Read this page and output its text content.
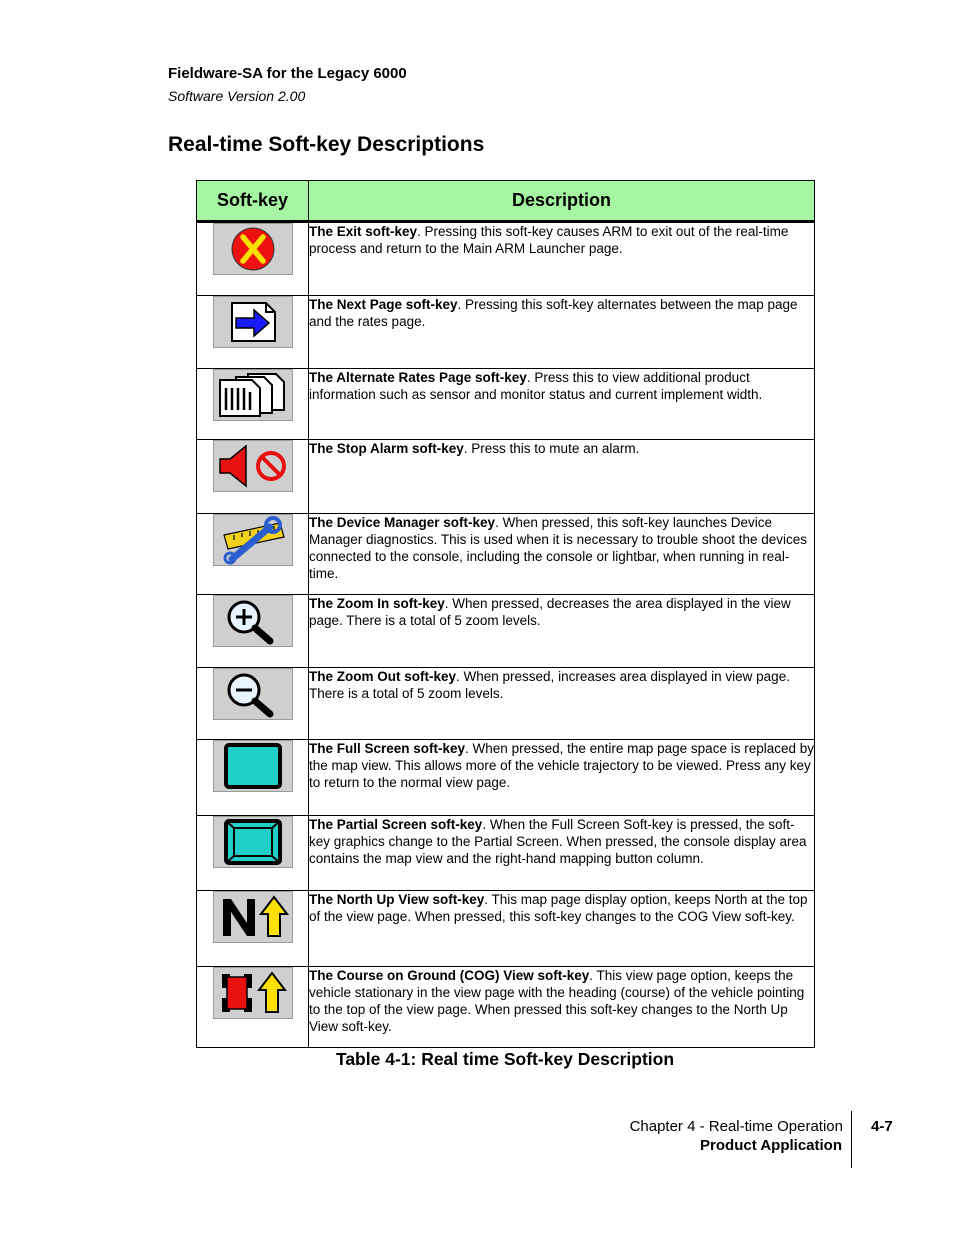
Fieldware-SA for the Legacy 6000
Software Version 2.00
Real-time Soft-key Descriptions
Soft-key	Description

	The Exit soft-key. Pressing this soft-key causes ARM to exit out of the real-time process and return to the Main ARM Launcher page.

	The Next Page soft-key. Pressing this soft-key alternates between the map page and the rates page.

	The Alternate Rates Page soft-key. Press this to view additional product information such as sensor and monitor status and current implement width.

	The Stop Alarm soft-key. Press this to mute an alarm.

	The Device Manager soft-key. When pressed, this soft-key launches Device Manager diagnostics. This is used when it is necessary to trouble shoot the devices connected to the console, including the console or lightbar, when running in real-time.

	The Zoom In soft-key. When pressed, decreases the area displayed in the view page. There is a total of 5 zoom levels.

	The Zoom Out soft-key. When pressed, increases area displayed in view page. There is a total of 5 zoom levels.

	The Full Screen soft-key. When pressed, the entire map page space is replaced by the map view. This allows more of the vehicle trajectory to be viewed. Press any key to return to the normal view page.

	The Partial Screen soft-key. When the Full Screen Soft-key is pressed, the soft-key graphics change to the Partial Screen. When pressed, the console display area contains the map view and the right-hand mapping button column.

	The North Up View soft-key. This map page display option, keeps North at the top of the view page. When pressed, this soft-key changes to the COG View soft-key.

	The Course on Ground (COG) View soft-key. This view page option, keeps the vehicle stationary in the view page with the heading (course) of the vehicle pointing to the top of the view page. When pressed this soft-key changes to the North Up View soft-key.
Table 4-1: Real time Soft-key Description
Chapter 4 - Real-time Operation
Product Application
4-7
